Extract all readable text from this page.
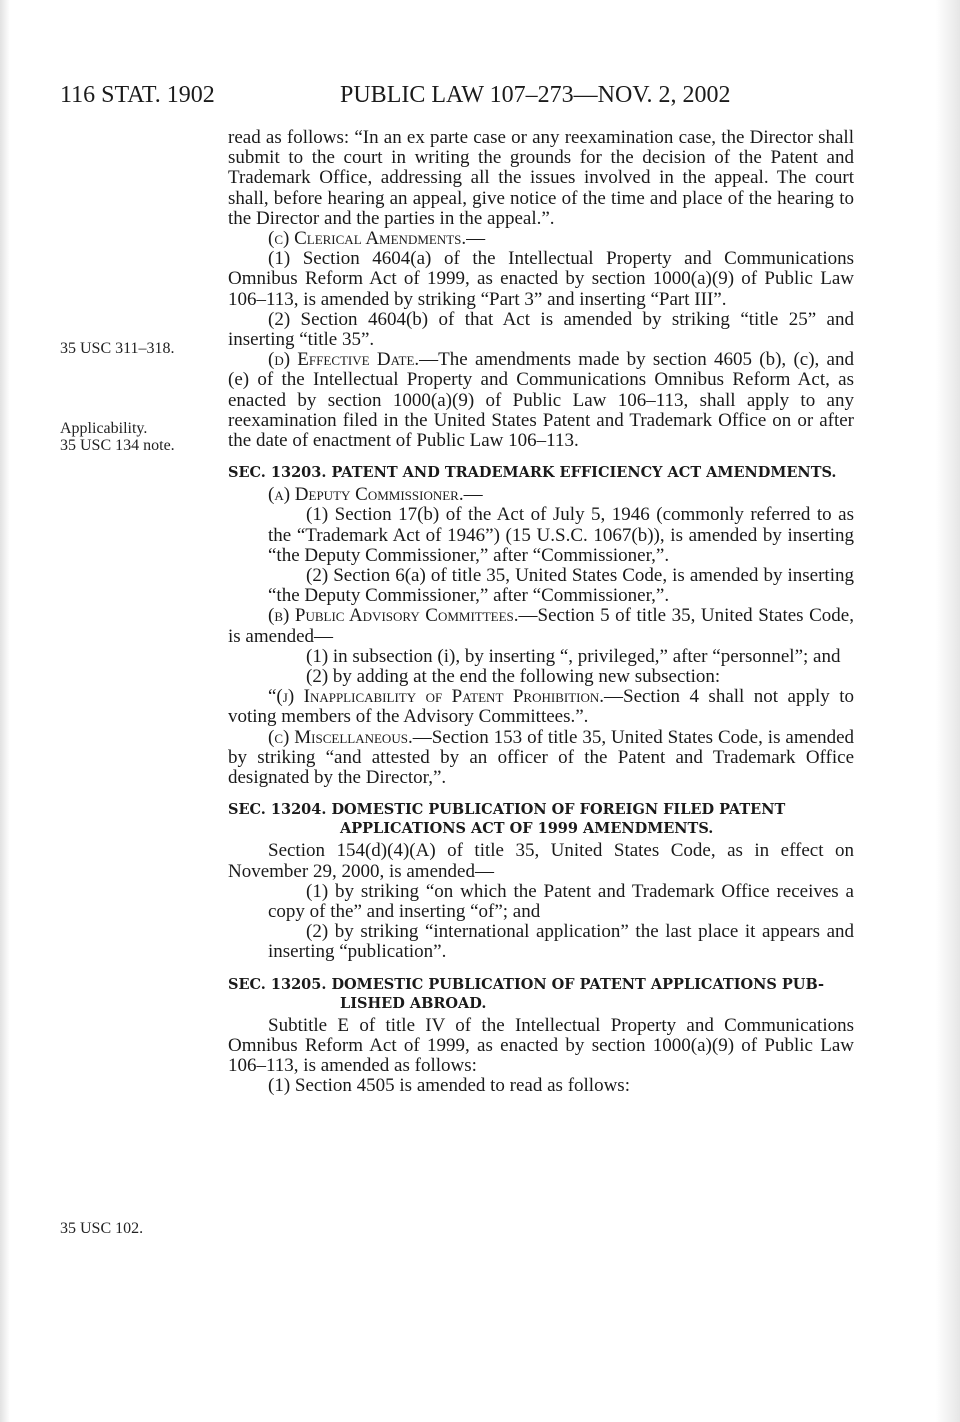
116 STAT. 1902	PUBLIC LAW 107–273—NOV. 2, 2002
35 USC 311–318.
Applicability.
35 USC 134 note.
35 USC 102.

read as follows: “In an ex parte case or any reexamination case, the Director shall submit to the court in writing the grounds for the decision of the Patent and Trademark Office, addressing all the issues involved in the appeal. The court shall, before hearing an appeal, give notice of the time and place of the hearing to the Director and the parties in the appeal.”.

(c) Clerical Amendments.—

(1) Section 4604(a) of the Intellectual Property and Communications Omnibus Reform Act of 1999, as enacted by section 1000(a)(9) of Public Law 106–113, is amended by striking “Part 3” and inserting “Part III”.

(2) Section 4604(b) of that Act is amended by striking “title 25” and inserting “title 35”.

(d) Effective Date.—The amendments made by section 4605 (b), (c), and (e) of the Intellectual Property and Communications Omnibus Reform Act, as enacted by section 1000(a)(9) of Public Law 106–113, shall apply to any reexamination filed in the United States Patent and Trademark Office on or after the date of enactment of Public Law 106–113.

SEC. 13203. PATENT AND TRADEMARK EFFICIENCY ACT AMENDMENTS.

(a) Deputy Commissioner.—

(1) Section 17(b) of the Act of July 5, 1946 (commonly referred to as the “Trademark Act of 1946”) (15 U.S.C. 1067(b)), is amended by inserting “the Deputy Commissioner,” after “Commissioner,”.

(2) Section 6(a) of title 35, United States Code, is amended by inserting “the Deputy Commissioner,” after “Commissioner,”.

(b) Public Advisory Committees.—Section 5 of title 35, United States Code, is amended—

(1) in subsection (i), by inserting “, privileged,” after “personnel”; and

(2) by adding at the end the following new subsection:

“(j) Inapplicability of Patent Prohibition.—Section 4 shall not apply to voting members of the Advisory Committees.”.

(c) Miscellaneous.—Section 153 of title 35, United States Code, is amended by striking “and attested by an officer of the Patent and Trademark Office designated by the Director,”.

SEC. 13204. DOMESTIC PUBLICATION OF FOREIGN FILED PATENT

APPLICATIONS ACT OF 1999 AMENDMENTS.

Section 154(d)(4)(A) of title 35, United States Code, as in effect on November 29, 2000, is amended—

(1) by striking “on which the Patent and Trademark Office receives a copy of the” and inserting “of”; and

(2) by striking “international application” the last place it appears and inserting “publication”.

SEC. 13205. DOMESTIC PUBLICATION OF PATENT APPLICATIONS PUB-

LISHED ABROAD.

Subtitle E of title IV of the Intellectual Property and Communications Omnibus Reform Act of 1999, as enacted by section 1000(a)(9) of Public Law 106–113, is amended as follows:

(1) Section 4505 is amended to read as follows:
